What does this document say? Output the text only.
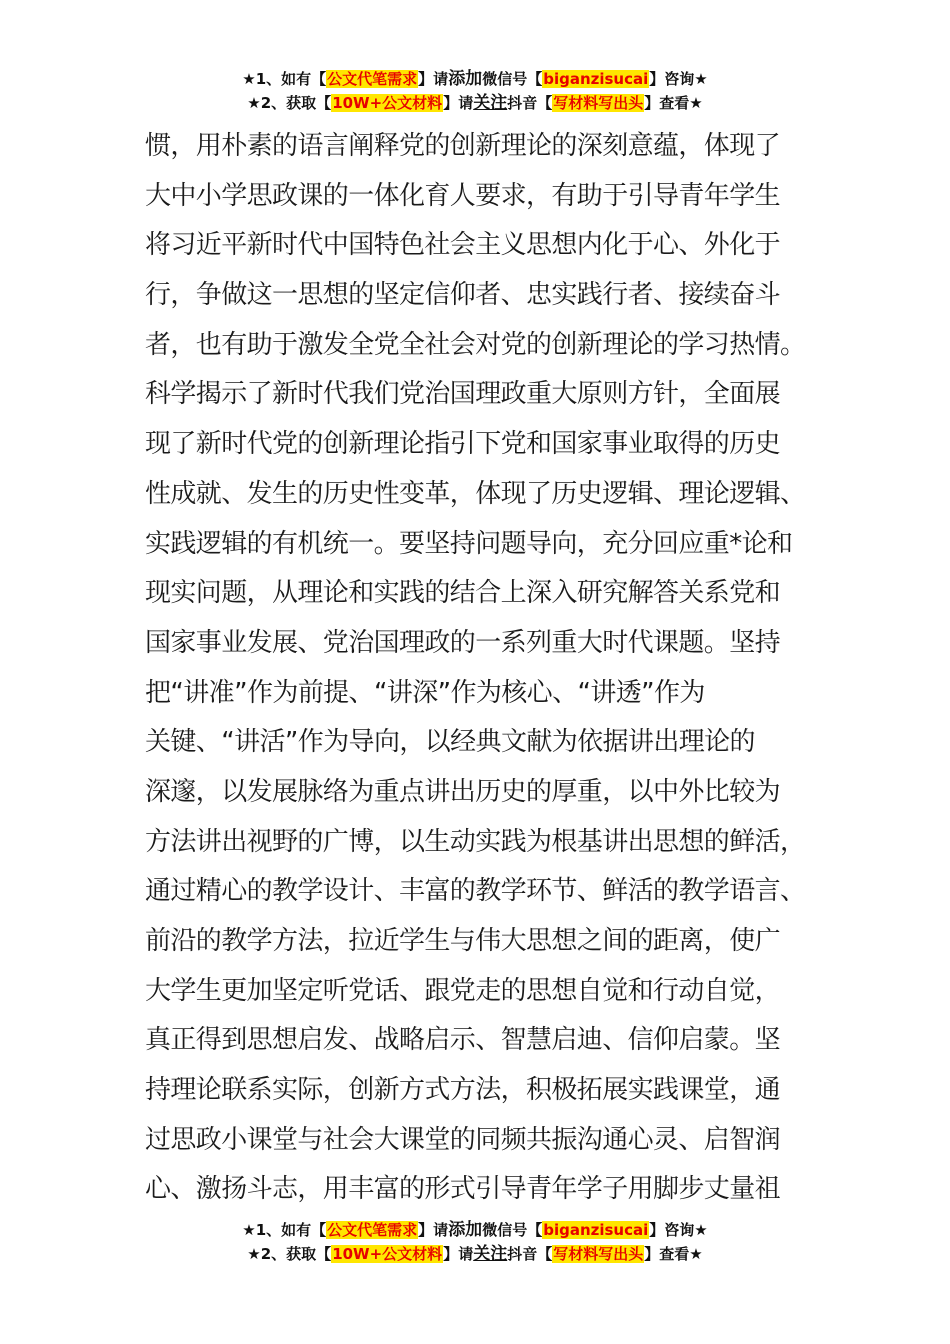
★1、如有【公文代笔需求】请添加微信号【biganzisucai】咨询★
★2、获取【10W+公文材料】请关注抖音【写材料写出头】查看★
惯，用朴素的语言阐释党的创新理论的深刻意蕴，体现了
大中小学思政课的一体化育人要求，有助于引导青年学生
将习近平新时代中国特色社会主义思想内化于心、外化于
行，争做这一思想的坚定信仰者、忠实践行者、接续奋斗
者，也有助于激发全党全社会对党的创新理论的学习热情。
科学揭示了新时代我们党治国理政重大原则方针，全面展
现了新时代党的创新理论指引下党和国家事业取得的历史
性成就、发生的历史性变革，体现了历史逻辑、理论逻辑、
实践逻辑的有机统一。要坚持问题导向，充分回应重*论和
现实问题，从理论和实践的结合上深入研究解答关系党和
国家事业发展、党治国理政的一系列重大时代课题。坚持
把“讲准”作为前提、“讲深”作为核心、“讲透”作为
关键、“讲活”作为导向，以经典文献为依据讲出理论的
深邃，以发展脉络为重点讲出历史的厚重，以中外比较为
方法讲出视野的广博，以生动实践为根基讲出思想的鲜活，
通过精心的教学设计、丰富的教学环节、鲜活的教学语言、
前沿的教学方法，拉近学生与伟大思想之间的距离，使广
大学生更加坚定听党话、跟党走的思想自觉和行动自觉，
真正得到思想启发、战略启示、智慧启迪、信仰启蒙。坚
持理论联系实际，创新方式方法，积极拓展实践课堂，通
过思政小课堂与社会大课堂的同频共振沟通心灵、启智润
心、激扬斗志，用丰富的形式引导青年学子用脚步丈量祖
★1、如有【公文代笔需求】请添加微信号【biganzisucai】咨询★
★2、获取【10W+公文材料】请关注抖音【写材料写出头】查看★
